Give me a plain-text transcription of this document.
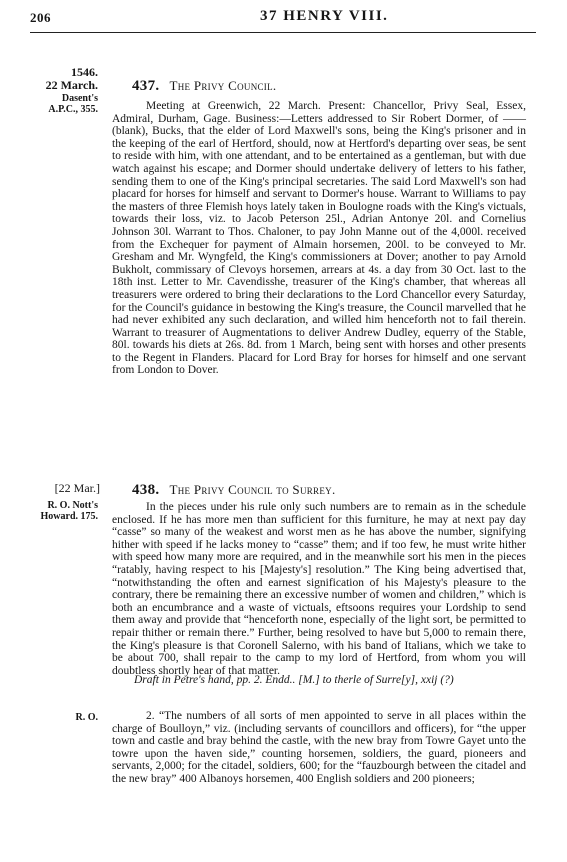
206	37 HENRY VIII.
1546.
22 March.
Dasent's A.P.C., 355.
437. The Privy Council.

Meeting at Greenwich, 22 March. Present: Chancellor, Privy Seal, Essex, Admiral, Durham, Gage. Business:—Letters addressed to Sir Robert Dormer, of —— (blank), Bucks, that the elder of Lord Maxwell's sons, being the King's prisoner and in the keeping of the earl of Hertford, should, now at Hertford's departing over seas, be sent to reside with him, with one attendant, and to be entertained as a gentleman, but with due watch against his escape; and Dormer should undertake delivery of letters to his father, sending them to one of the King's principal secretaries. The said Lord Maxwell's son had placard for horses for himself and servant to Dormer's house. Warrant to Williams to pay the masters of three Flemish hoys lately taken in Boulogne roads with the King's victuals, towards their loss, viz. to Jacob Peterson 25l., Adrian Antonye 20l. and Cornelius Johnson 30l. Warrant to Thos. Chaloner, to pay John Manne out of the 4,000l. received from the Exchequer for payment of Almain horsemen, 200l. to be conveyed to Mr. Gresham and Mr. Wyngfeld, the King's commissioners at Dover; another to pay Arnold Bukholt, commissary of Clevoys horsemen, arrears at 4s. a day from 30 Oct. last to the 18th inst. Letter to Mr. Cavendisshe, treasurer of the King's chamber, that whereas all treasurers were ordered to bring their declarations to the Lord Chancellor every Saturday, for the Council's guidance in bestowing the King's treasure, the Council marvelled that he had never exhibited any such declaration, and willed him henceforth not to fail therein. Warrant to treasurer of Augmentations to deliver Andrew Dudley, equerry of the Stable, 80l. towards his diets at 26s. 8d. from 1 March, being sent with horses and other presents to the Regent in Flanders. Placard for Lord Bray for horses for himself and one servant from London to Dover.

[22 Mar.]
R. O. Nott's Howard. 175.
438. The Privy Council to Surrey.

In the pieces under his rule only such numbers are to remain as in the schedule enclosed. If he has more men than sufficient for this furniture, he may at next pay day “casse” so many of the weakest and worst men as he has above the number, signifying hither with speed if he lacks money to “casse” them; and if too few, he must write hither with speed how many more are required, and in the meanwhile sort his men in the pieces “ratably, having respect to his [Majesty's] resolution.” The King being advertised that, “notwithstanding the often and earnest signification of his Majesty's pleasure to the contrary, there be remaining there an excessive number of women and children,” which is both an encumbrance and a waste of victuals, eftsoons requires your Lordship to send them away and provide that “henceforth none, especially of the light sort, be permitted to repair thither or remain there.” Further, being resolved to have but 5,000 to remain there, the King's pleasure is that Coronell Salerno, with his band of Italians, which we take to be about 700, shall repair to the camp to my lord of Hertford, from whom you will doubtless shortly hear of that matter.

Draft in Petre's hand, pp. 2. Endd.. [M.] to therle of Surre[y], xxij (?)

R. O.	2. “The numbers of all sorts of men appointed to serve in all places within the charge of Boulloyn,” viz. (including servants of councillors and officers), for “the upper town and castle and bray behind the castle, with the new bray from Towre Gayet unto the towre upon the haven side,” counting horsemen, soldiers, the guard, pioneers and servants, 2,000; for the citadel, soldiers, 600; for the “fauzbourgh between the citadel and the new bray” 400 Albanoys horsemen, 400 English soldiers and 200 pioneers;
